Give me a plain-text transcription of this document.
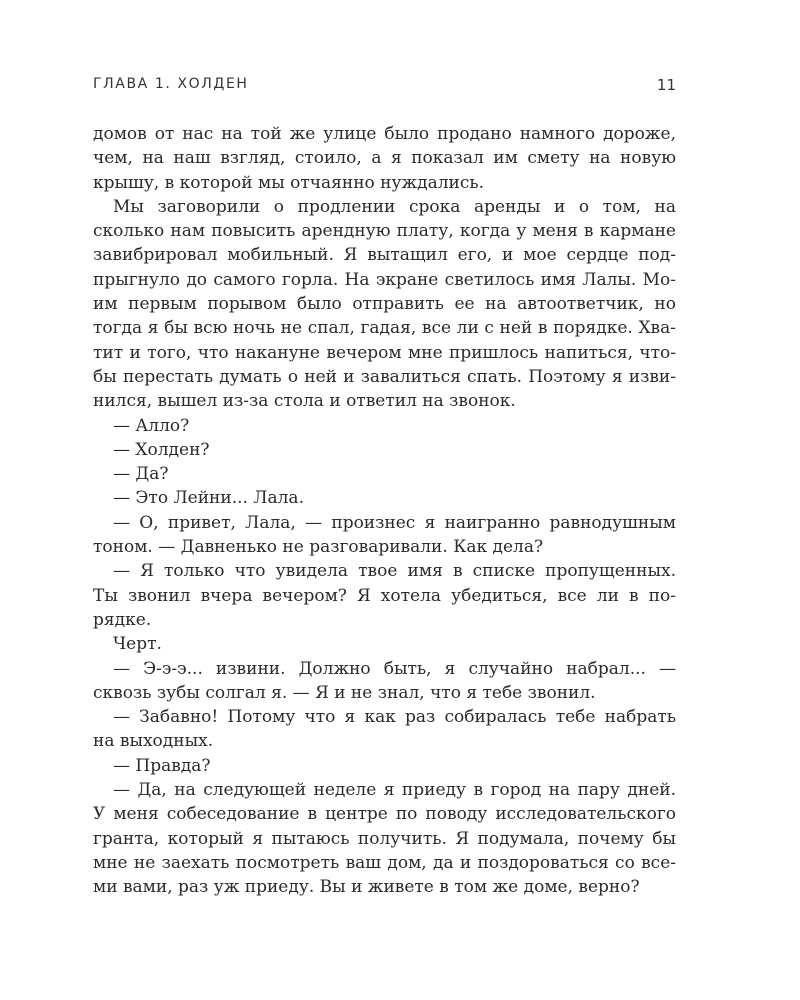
ГЛАВА 1. ХОЛДЕН	11
домов от нас на той же улице было продано намного дороже,
чем, на наш взгляд, стоило, а я показал им смету на новую
крышу, в которой мы отчаянно нуждались.
Мы заговорили о продлении срока аренды и о том, на
сколько нам повысить арендную плату, когда у меня в кармане
завибрировал мобильный. Я вытащил его, и мое сердце под-
прыгнуло до самого горла. На экране светилось имя Лалы. Мо-
им первым порывом было отправить ее на автоответчик, но
тогда я бы всю ночь не спал, гадая, все ли с ней в порядке. Хва-
тит и того, что накануне вечером мне пришлось напиться, что-
бы перестать думать о ней и завалиться спать. Поэтому я изви-
нился, вышел из-за стола и ответил на звонок.
— Алло?
— Холден?
— Да?
— Это Лейни... Лала.
— О, привет, Лала, — произнес я наигранно равнодушным
тоном. — Давненько не разговаривали. Как дела?
— Я только что увидела твое имя в списке пропущенных.
Ты звонил вчера вечером? Я хотела убедиться, все ли в по-
рядке.
Черт.
— Э-э-э... извини. Должно быть, я случайно набрал... —
сквозь зубы солгал я. — Я и не знал, что я тебе звонил.
— Забавно! Потому что я как раз собиралась тебе набрать
на выходных.
— Правда?
— Да, на следующей неделе я приеду в город на пару дней.
У меня собеседование в центре по поводу исследовательского
гранта, который я пытаюсь получить. Я подумала, почему бы
мне не заехать посмотреть ваш дом, да и поздороваться со все-
ми вами, раз уж приеду. Вы и живете в том же доме, верно?
